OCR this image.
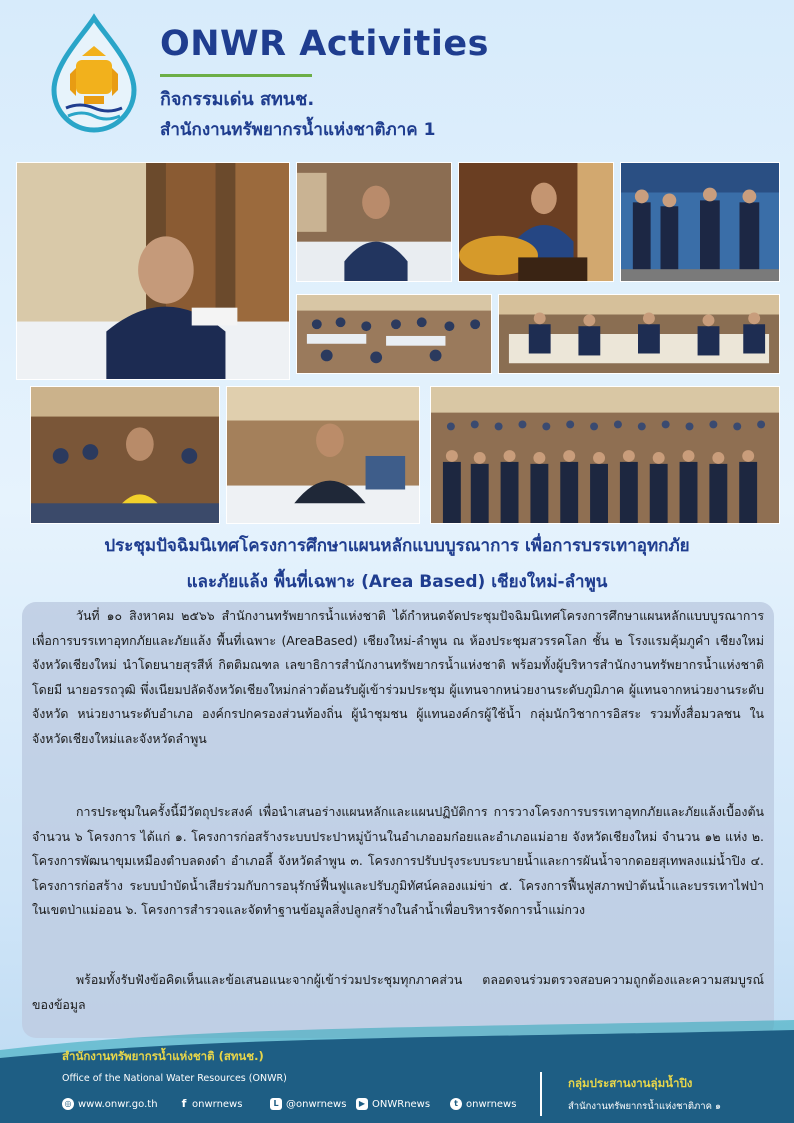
ONWR Activities
กิจกรรมเด่น สทนช.
สำนักงานทรัพยากรน้ำแห่งชาติภาค 1
ประชุมปัจฉิมนิเทศโครงการศึกษาแผนหลักแบบบูรณาการ เพื่อการบรรเทาอุทกภัย
และภัยแล้ง พื้นที่เฉพาะ (Area Based) เชียงใหม่-ลำพูน

วันที่ ๑๐ สิงหาคม ๒๕๖๖ สำนักงานทรัพยากรน้ำแห่งชาติ ได้กำหนดจัดประชุมปัจฉิมนิเทศโครงการศึกษาแผนหลักแบบบูรณาการ เพื่อการบรรเทาอุทกภัยและภัยแล้ง พื้นที่เฉพาะ (AreaBased) เชียงใหม่-ลำพูน ณ ห้องประชุมสวรรคโลก ชั้น ๒ โรงแรมคุ้มภูคำ เชียงใหม่ จังหวัดเชียงใหม่ นำโดยนายสุรสีห์ กิตติมณฑล เลขาธิการสำนักงานทรัพยากรน้ำแห่งชาติ พร้อมทั้งผู้บริหารสำนักงานทรัพยากรน้ำแห่งชาติ โดยมี นายอรรถวุฒิ พึ่งเนียมปลัดจังหวัดเชียงใหม่กล่าวต้อนรับผู้เข้าร่วมประชุม ผู้แทนจากหน่วยงานระดับภูมิภาค ผู้แทนจากหน่วยงานระดับจังหวัด หน่วยงานระดับอำเภอ องค์กรปกครองส่วนท้องถิ่น ผู้นำชุมชน ผู้แทนองค์กรผู้ใช้น้ำ กลุ่มนักวิชาการอิสระ รวมทั้งสื่อมวลชน ในจังหวัดเชียงใหม่และจังหวัดลำพูน

การประชุมในครั้งนี้มีวัตถุประสงค์ เพื่อนำเสนอร่างแผนหลักและแผนปฏิบัติการ การวางโครงการบรรเทาอุทกภัยและภัยแล้งเบื้องต้น จำนวน ๖ โครงการ ได้แก่ ๑. โครงการก่อสร้างระบบประปาหมู่บ้านในอำเภออมก๋อยและอำเภอแม่อาย จังหวัดเชียงใหม่ จำนวน ๑๒ แห่ง ๒. โครงการพัฒนาขุมเหมืองตำบลดงดำ อำเภอลี้ จังหวัดลำพูน ๓. โครงการปรับปรุงระบบระบายน้ำและการผันน้ำจากดอยสุเทพลงแม่น้ำปิง ๔. โครงการก่อสร้าง ระบบบำบัดน้ำเสียร่วมกับการอนุรักษ์ฟื้นฟูและปรับภูมิทัศน์คลองแม่ข่า ๕. โครงการฟื้นฟูสภาพป่าต้นน้ำและบรรเทาไฟป่าในเขตป่าแม่ออน ๖. โครงการสำรวจและจัดทำฐานข้อมูลสิ่งปลูกสร้างในลำน้ำเพื่อบริหารจัดการน้ำแม่กวง

พร้อมทั้งรับฟังข้อคิดเห็นและข้อเสนอแนะจากผู้เข้าร่วมประชุมทุกภาคส่วน ตลอดจนร่วมตรวจสอบความถูกต้องและความสมบูรณ์ของข้อมูล

สำนักงานทรัพยากรน้ำแห่งชาติ (สทนช.)
Office of the National Water Resources (ONWR)	กลุ่มประสานงานลุ่มน้ำปิง
สำนักงานทรัพยากรน้ำแห่งชาติภาค ๑
◎ www.onwr.go.th f onwrnews	L @onwrnews	▶ ONWRnews	t onwrnews
